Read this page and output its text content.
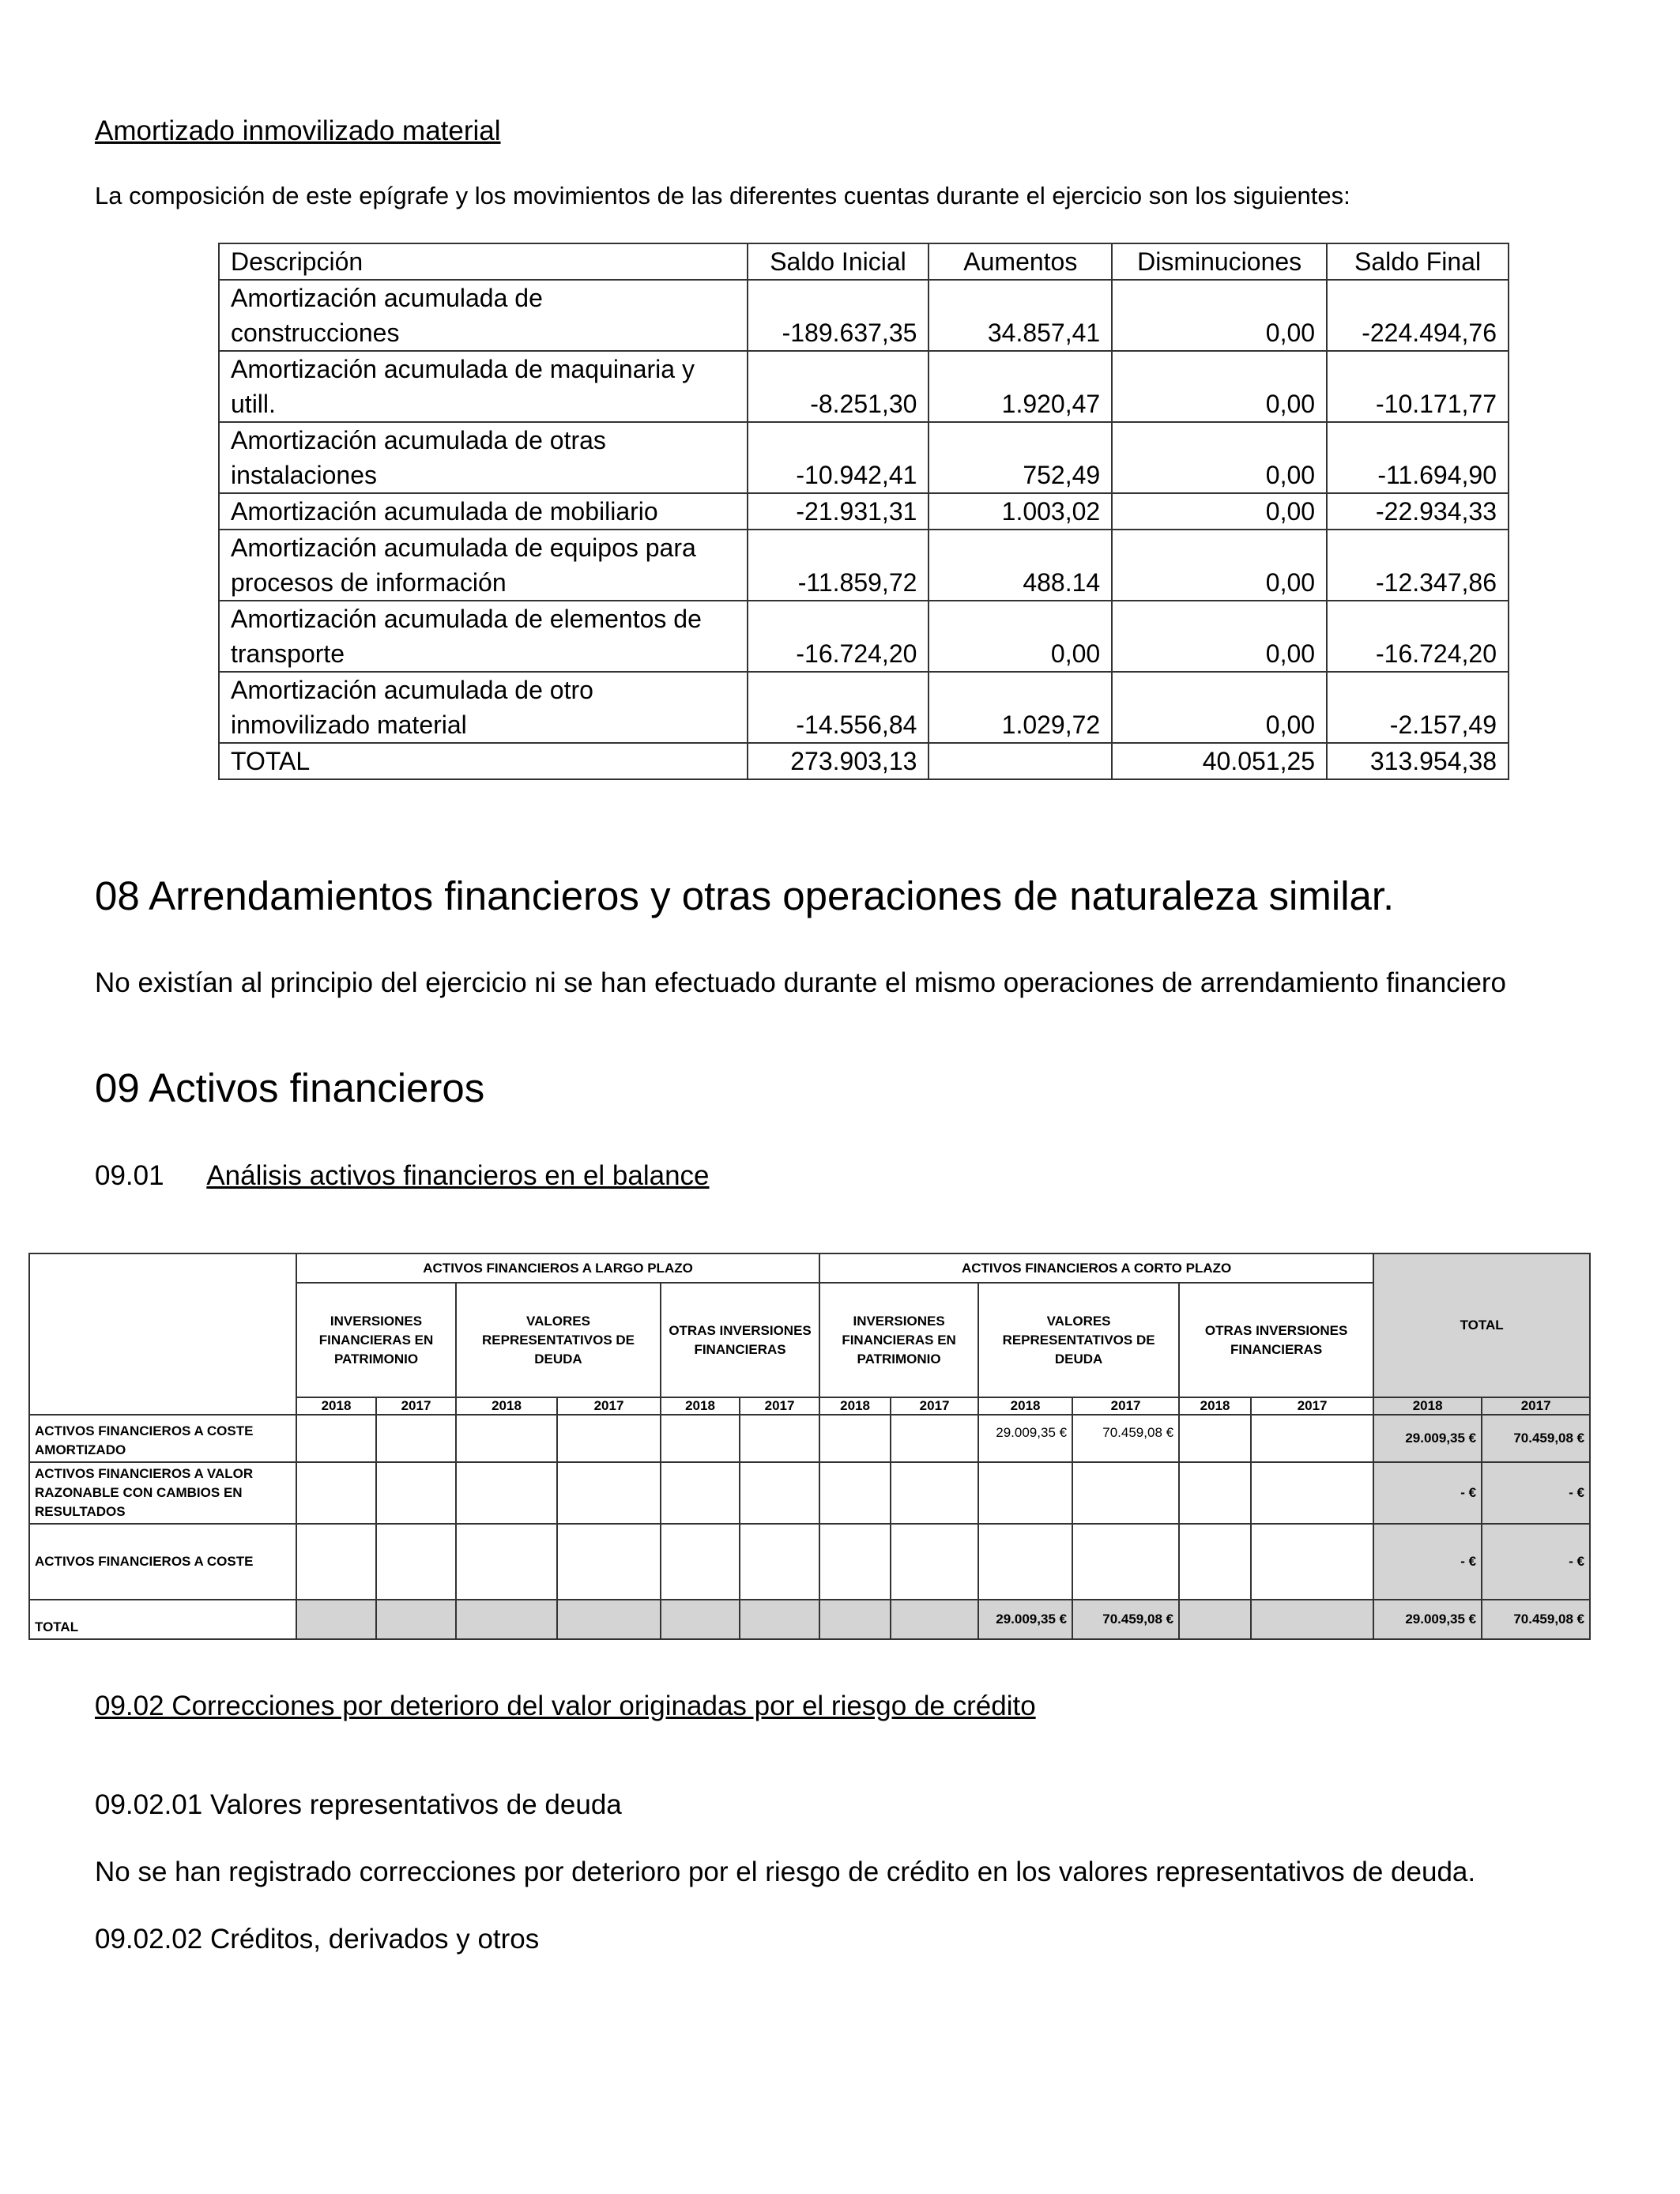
Amortizado inmovilizado material
La composición de este epígrafe y los movimientos de las diferentes cuentas durante el ejercicio son los siguientes:
Descripción	Saldo Inicial	Aumentos	Disminuciones	Saldo Final

Amortización acumulada de
construcciones	-189.637,35	34.857,41	0,00	-224.494,76

Amortización acumulada de maquinaria y
utill.	-8.251,30	1.920,47	0,00	-10.171,77

Amortización acumulada de otras
instalaciones	-10.942,41	752,49	0,00	-11.694,90
Amortización acumulada de mobiliario	-21.931,31	1.003,02	0,00	-22.934,33

Amortización acumulada de equipos para
procesos de información	-11.859,72	488.14	0,00	-12.347,86

Amortización acumulada de elementos de
transporte	-16.724,20	0,00	0,00	-16.724,20

Amortización acumulada de otro
inmovilizado material	-14.556,84	1.029,72	0,00	-2.157,49
TOTAL	273.903,13		40.051,25	313.954,38
08 Arrendamientos financieros y otras operaciones de naturaleza similar.
No existían al principio del ejercicio ni se han efectuado durante el mismo operaciones de arrendamiento financiero
09 Activos financieros
09.01 Análisis activos financieros en el balance
	ACTIVOS FINANCIEROS A LARGO PLAZO						ACTIVOS FINANCIEROS A CORTO PLAZO						TOTAL	
	INVERSIONES FINANCIERAS EN PATRIMONIO		VALORES REPRESENTATIVOS DE DEUDA		OTRAS INVERSIONES FINANCIERAS		INVERSIONES FINANCIERAS EN PATRIMONIO		VALORES REPRESENTATIVOS DE DEUDA		OTRAS INVERSIONES FINANCIERAS			
	2018	2017	2018	2017	2018	2017	2018	2017	2018	2017	2018	2017	2018	2017
ACTIVOS FINANCIEROS A COSTE AMORTIZADO									29.009,35 €	70.459,08 €			29.009,35 €	70.459,08 €
ACTIVOS FINANCIEROS A VALOR RAZONABLE CON CAMBIOS EN RESULTADOS													- €	- €
ACTIVOS FINANCIEROS A COSTE													- €	- €
TOTAL									29.009,35 €	70.459,08 €			29.009,35 €	70.459,08 €
09.02 Correcciones por deterioro del valor originadas por el riesgo de crédito
09.02.01 Valores representativos de deuda
No se han registrado correcciones por deterioro por el riesgo de crédito en los valores representativos de deuda.
09.02.02 Créditos, derivados y otros
